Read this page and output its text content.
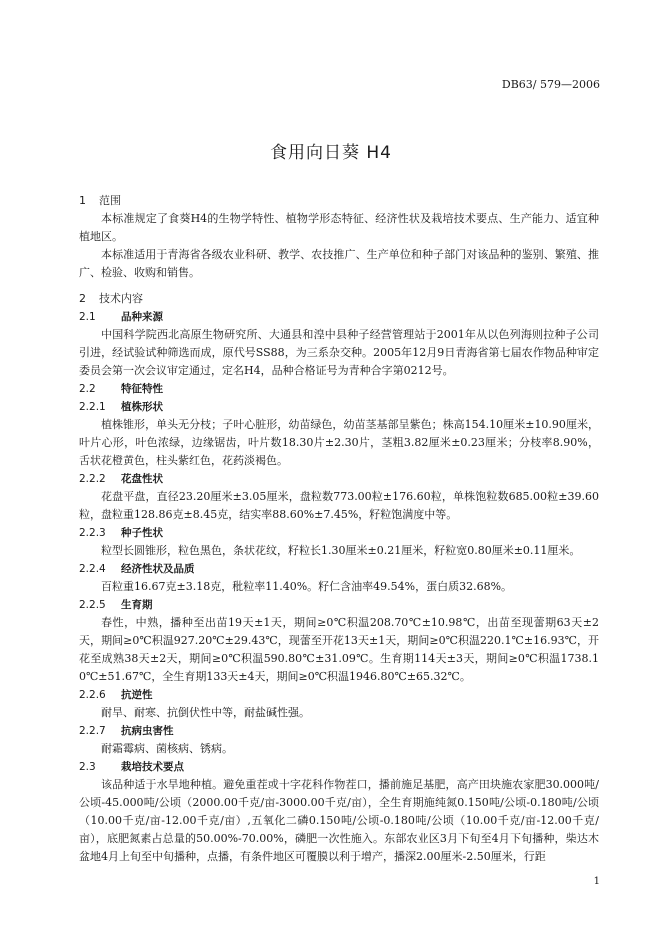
DB63/ 579—2006
食用向日葵 H4
1 范围
本标准规定了食葵H4的生物学特性、植物学形态特征、经济性状及栽培技术要点、生产能力、适宜种植地区。
本标准适用于青海省各级农业科研、教学、农技推广、生产单位和种子部门对该品种的鉴别、繁殖、推广、检验、收购和销售。
2 技术内容
2.1 品种来源
中国科学院西北高原生物研究所、大通县和湟中县种子经营管理站于2001年从以色列海则拉种子公司引进，经试验试种筛选而成，原代号SS88，为三系杂交种。2005年12月9日青海省第七届农作物品种审定委员会第一次会议审定通过，定名H4，品种合格证号为青种合字第0212号。
2.2 特征特性
2.2.1 植株形状
植株锥形，单头无分枝；子叶心脏形，幼苗绿色，幼苗茎基部呈紫色；株高154.10厘米±10.90厘米，叶片心形，叶色浓绿，边缘锯齿，叶片数18.30片±2.30片，茎粗3.82厘米±0.23厘米；分枝率8.90%，舌状花橙黄色，柱头紫红色，花药淡褐色。
2.2.2 花盘性状
花盘平盘，直径23.20厘米±3.05厘米，盘粒数773.00粒±176.60粒，单株饱粒数685.00粒±39.60粒，盘粒重128.86克±8.45克，结实率88.60%±7.45%，籽粒饱满度中等。
2.2.3 种子性状
粒型长圆锥形，粒色黑色，条状花纹，籽粒长1.30厘米±0.21厘米，籽粒宽0.80厘米±0.11厘米。
2.2.4 经济性状及品质
百粒重16.67克±3.18克，秕粒率11.40%。籽仁含油率49.54%，蛋白质32.68%。
2.2.5 生育期
春性，中熟，播种至出苗19天±1天，期间≥0℃积温208.70℃±10.98℃，出苗至现蕾期63天±2天，期间≥0℃积温927.20℃±29.43℃，现蕾至开花13天±1天，期间≥0℃积温220.1℃±16.93℃，开花至成熟38天±2天，期间≥0℃积温590.80℃±31.09℃。生育期114天±3天，期间≥0℃积温1738.10℃±51.67℃，全生育期133天±4天，期间≥0℃积温1946.80℃±65.32℃。
2.2.6 抗逆性
耐旱、耐寒、抗倒伏性中等，耐盐碱性强。
2.2.7 抗病虫害性
耐霜霉病、菌核病、锈病。
2.3 栽培技术要点
该品种适于水旱地种植。避免重茬或十字花科作物茬口，播前施足基肥，高产田块施农家肥30.000吨/公顷-45.000吨/公顷（2000.00千克/亩-3000.00千克/亩），全生育期施纯氮0.150吨/公顷-0.180吨/公顷（10.00千克/亩-12.00千克/亩）,五氧化二磷0.150吨/公顷-0.180吨/公顷（10.00千克/亩-12.00千克/亩），底肥氮素占总量的50.00%-70.00%，磷肥一次性施入。东部农业区3月下旬至4月下旬播种，柴达木盆地4月上旬至中旬播种，点播，有条件地区可覆膜以利于增产，播深2.00厘米-2.50厘米，行距
1
